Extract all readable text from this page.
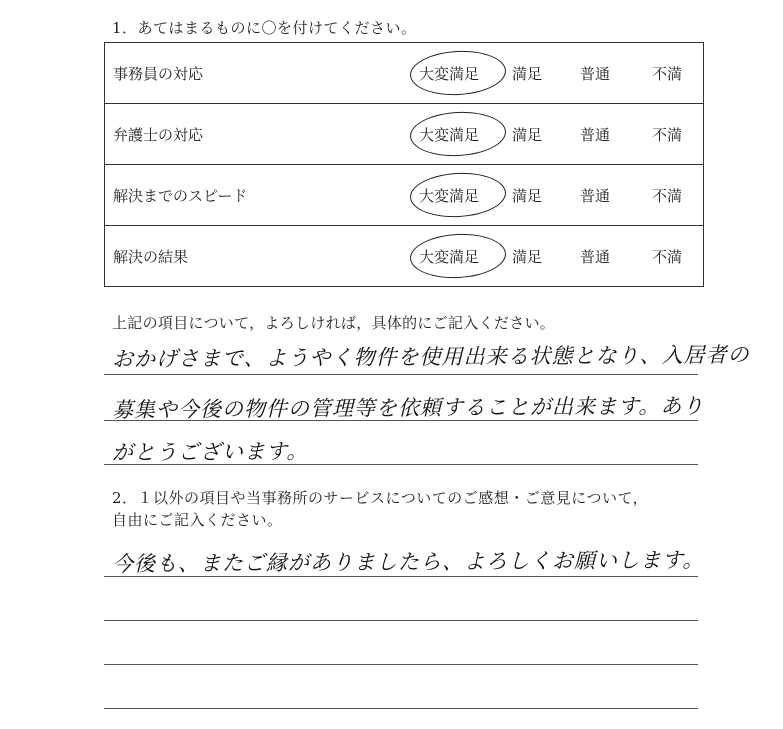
1．あてはまるものに〇を付けてください。

事務員の対応	大変満足	満足	普通	不満
弁護士の対応	大変満足	満足	普通	不満
解決までのスピード	大変満足	満足	普通	不満
解決の結果	大変満足	満足	普通	不満

上記の項目について，よろしければ，具体的にご記入ください。

おかげさまで、ようやく物件を使用出来る状態となり、入居者の
募集や今後の物件の管理等を依頼することが出来ます。あり
がとうございます。

2．１以外の項目や当事務所のサービスについてのご感想・ご意見について，

自由にご記入ください。

今後も、またご縁がありましたら、よろしくお願いします。
